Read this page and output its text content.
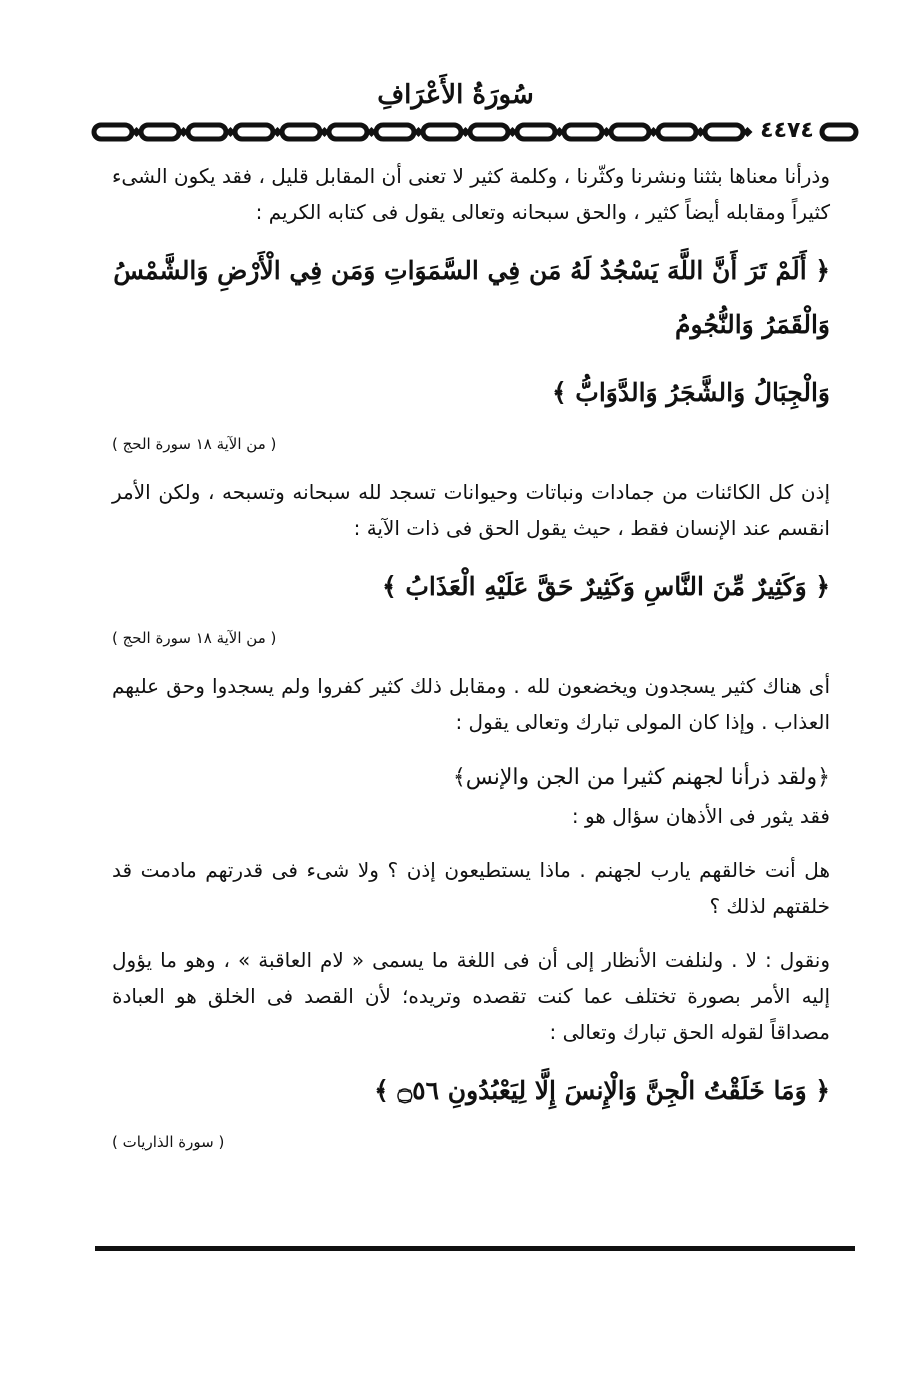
سُورَةُ الأَعْرَافِ
٤٤٧٤

وذرأنا معناها بثثنا ونشرنا وكثّرنا ، وكلمة كثير لا تعنى أن المقابل قليل ، فقد يكون الشىء كثيراً ومقابله أيضاً كثير ، والحق سبحانه وتعالى يقول فى كتابه الكريم :

﴿ أَلَمْ تَرَ أَنَّ اللَّهَ يَسْجُدُ لَهُ مَن فِي السَّمَوَاتِ وَمَن فِي الْأَرْضِ وَالشَّمْسُ وَالْقَمَرُ وَالنُّجُومُ
وَالْجِبَالُ وَالشَّجَرُ وَالدَّوَابُّ ﴾
( من الآية ١٨ سورة الحج )

إذن كل الكائنات من جمادات ونباتات وحيوانات تسجد لله سبحانه وتسبحه ، ولكن الأمر انقسم عند الإنسان فقط ، حيث يقول الحق فى ذات الآية :

﴿ وَكَثِيرٌ مِّنَ النَّاسِ وَكَثِيرٌ حَقَّ عَلَيْهِ الْعَذَابُ ﴾
( من الآية ١٨ سورة الحج )

أى هناك كثير يسجدون ويخضعون لله . ومقابل ذلك كثير كفروا ولم يسجدوا وحق عليهم العذاب . وإذا كان المولى تبارك وتعالى يقول :

﴿ولقد ذرأنا لجهنم كثيرا من الجن والإنس﴾

فقد يثور فى الأذهان سؤال هو :

هل أنت خالقهم يارب لجهنم . ماذا يستطيعون إذن ؟ ولا شىء فى قدرتهم مادمت قد خلقتهم لذلك ؟

ونقول : لا . ولنلفت الأنظار إلى أن فى اللغة ما يسمى « لام العاقبة » ، وهو ما يؤول إليه الأمر بصورة تختلف عما كنت تقصده وتريده؛ لأن القصد فى الخلق هو العبادة مصداقاً لقوله الحق تبارك وتعالى :

﴿ وَمَا خَلَقْتُ الْجِنَّ وَالْإِنسَ إِلَّا لِيَعْبُدُونِ ۝٥٦ ﴾
( سورة الذاريات )
